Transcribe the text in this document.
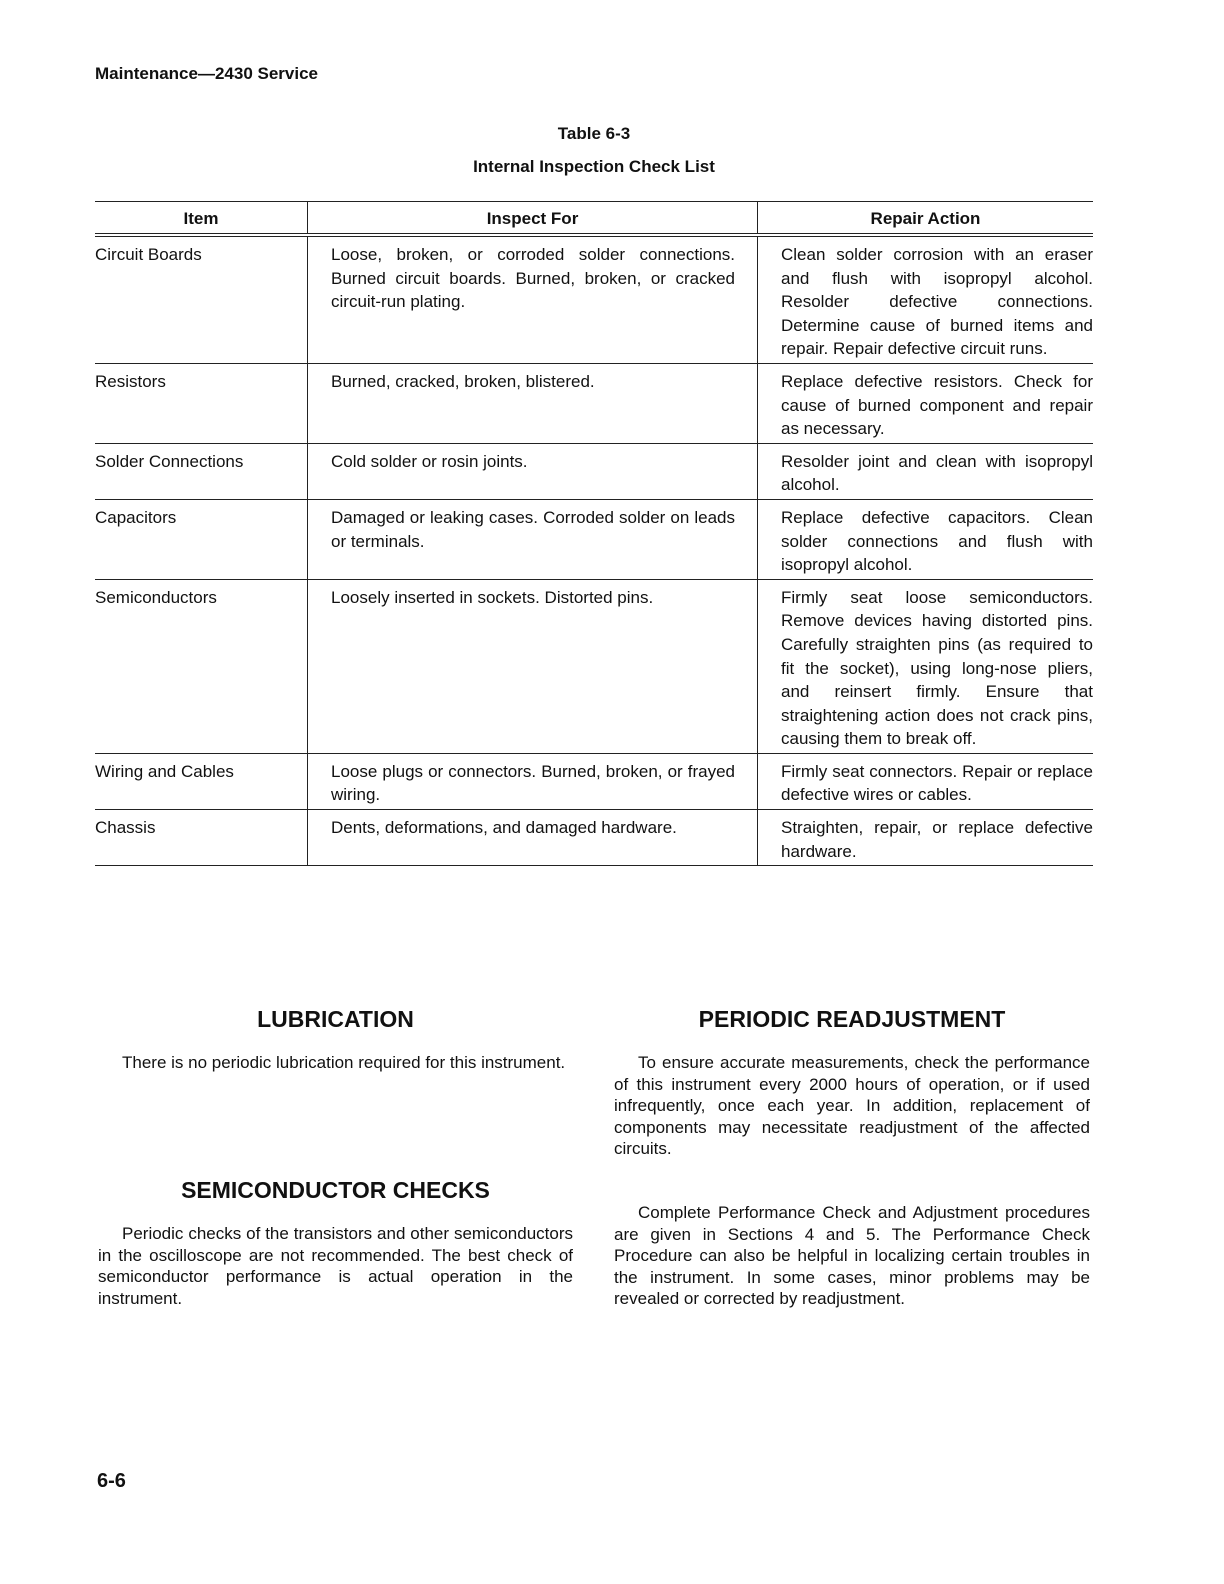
Maintenance—2430 Service
Table 6-3
Internal Inspection Check List
Item	Inspect For	Repair Action
Circuit Boards	Loose, broken, or corroded solder connections. Burned circuit boards. Burned, broken, or cracked circuit-run plating.	Clean solder corrosion with an eraser and flush with isopropyl alcohol. Resolder defective connections. Determine cause of burned items and repair. Repair defective circuit runs.
Resistors	Burned, cracked, broken, blistered.	Replace defective resistors. Check for cause of burned component and repair as necessary.
Solder Connections	Cold solder or rosin joints.	Resolder joint and clean with isopropyl alcohol.
Capacitors	Damaged or leaking cases. Corroded solder on leads or terminals.	Replace defective capacitors. Clean solder connections and flush with isopropyl alcohol.
Semiconductors	Loosely inserted in sockets. Distorted pins.	Firmly seat loose semiconductors. Remove devices having distorted pins. Carefully straighten pins (as required to fit the socket), using long-nose pliers, and reinsert firmly. Ensure that straightening action does not crack pins, causing them to break off.
Wiring and Cables	Loose plugs or connectors. Burned, broken, or frayed wiring.	Firmly seat connectors. Repair or replace defective wires or cables.
Chassis	Dents, deformations, and damaged hardware.	Straighten, repair, or replace defective hardware.
LUBRICATION
There is no periodic lubrication required for this instrument.
SEMICONDUCTOR CHECKS
Periodic checks of the transistors and other semiconductors in the oscilloscope are not recommended. The best check of semiconductor performance is actual operation in the instrument.
PERIODIC READJUSTMENT
To ensure accurate measurements, check the performance of this instrument every 2000 hours of operation, or if used infrequently, once each year. In addition, replacement of components may necessitate readjustment of the affected circuits.
Complete Performance Check and Adjustment procedures are given in Sections 4 and 5. The Performance Check Procedure can also be helpful in localizing certain troubles in the instrument. In some cases, minor problems may be revealed or corrected by readjustment.
6-6
